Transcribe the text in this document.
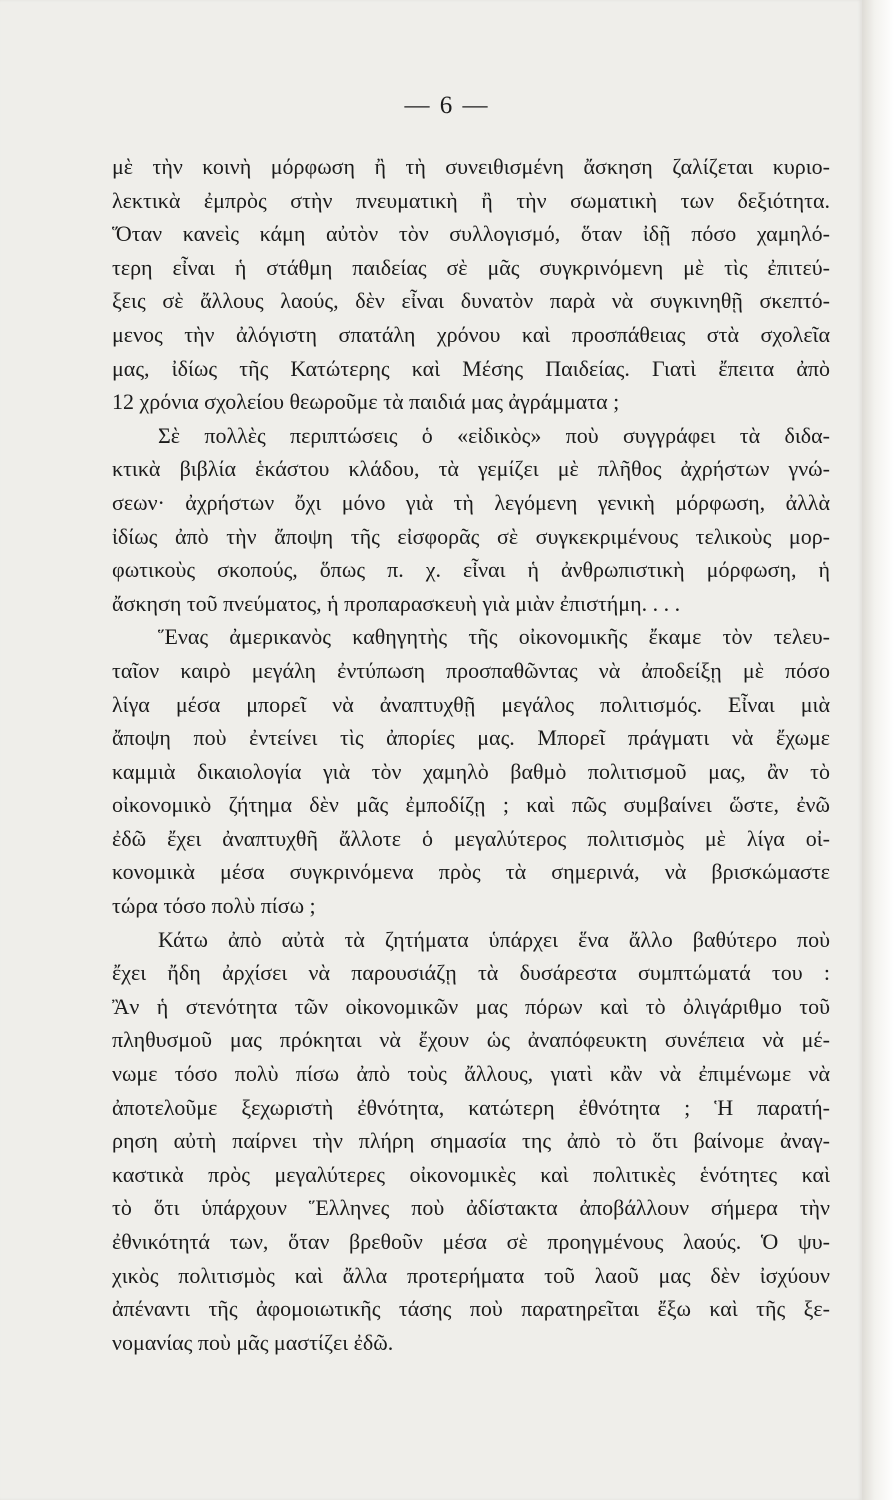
— 6 —
μὲ τὴν κοινὴ μόρφωση ἢ τὴ συνειθισμένη ἄσκηση ζαλίζεται κυριο-
λεκτικὰ ἐμπρὸς στὴν πνευματικὴ ἢ τὴν σωματικὴ των δεξιότητα.
Ὅταν κανεὶς κάμη αὐτὸν τὸν συλλογισμό, ὅταν ἰδῇ πόσο χαμηλό-
τερη εἶναι ἡ στάθμη παιδείας σὲ μᾶς συγκρινόμενη μὲ τὶς ἐπιτεύ-
ξεις σὲ ἄλλους λαούς, δὲν εἶναι δυνατὸν παρὰ νὰ συγκινηθῇ σκεπτό-
μενος τὴν ἀλόγιστη σπατάλη χρόνου καὶ προσπάθειας στὰ σχολεῖα
μας, ἰδίως τῆς Κατώτερης καὶ Μέσης Παιδείας. Γιατὶ ἔπειτα ἀπὸ
12 χρόνια σχολείου θεωροῦμε τὰ παιδιά μας ἀγράμματα ;
Σὲ πολλὲς περιπτώσεις ὁ «εἰδικὸς» ποὺ συγγράφει τὰ διδα-
κτικὰ βιβλία ἑκάστου κλάδου, τὰ γεμίζει μὲ πλῆθος ἀχρήστων γνώ-
σεων· ἀχρήστων ὄχι μόνο γιὰ τὴ λεγόμενη γενικὴ μόρφωση, ἀλλὰ
ἰδίως ἀπὸ τὴν ἄποψη τῆς εἰσφορᾶς σὲ συγκεκριμένους τελικοὺς μορ-
φωτικοὺς σκοπούς, ὅπως π. χ. εἶναι ἡ ἀνθρωπιστικὴ μόρφωση, ἡ
ἄσκηση τοῦ πνεύματος, ἡ προπαρασκευὴ γιὰ μιὰν ἐπιστήμη. . . .
Ἕνας ἀμερικανὸς καθηγητὴς τῆς οἰκονομικῆς ἔκαμε τὸν τελευ-
ταῖον καιρὸ μεγάλη ἐντύπωση προσπαθῶντας νὰ ἀποδείξῃ μὲ πόσο
λίγα μέσα μπορεῖ νὰ ἀναπτυχθῇ μεγάλος πολιτισμός. Εἶναι μιὰ
ἄποψη ποὺ ἐντείνει τὶς ἀπορίες μας. Μπορεῖ πράγματι νὰ ἔχωμε
καμμιὰ δικαιολογία γιὰ τὸν χαμηλὸ βαθμὸ πολιτισμοῦ μας, ἂν τὸ
οἰκονομικὸ ζήτημα δὲν μᾶς ἐμποδίζῃ ; καὶ πῶς συμβαίνει ὥστε, ἐνῶ
ἐδῶ ἔχει ἀναπτυχθῆ ἄλλοτε ὁ μεγαλύτερος πολιτισμὸς μὲ λίγα οἰ-
κονομικὰ μέσα συγκρινόμενα πρὸς τὰ σημερινά, νὰ βρισκώμαστε
τώρα τόσο πολὺ πίσω ;
Κάτω ἀπὸ αὐτὰ τὰ ζητήματα ὑπάρχει ἕνα ἄλλο βαθύτερο ποὺ
ἔχει ἤδη ἀρχίσει νὰ παρουσιάζῃ τὰ δυσάρεστα συμπτώματά του :
Ἂν ἡ στενότητα τῶν οἰκονομικῶν μας πόρων καὶ τὸ ὀλιγάριθμο τοῦ
πληθυσμοῦ μας πρόκηται νὰ ἔχουν ὡς ἀναπόφευκτη συνέπεια νὰ μέ-
νωμε τόσο πολὺ πίσω ἀπὸ τοὺς ἄλλους, γιατὶ κἂν νὰ ἐπιμένωμε νὰ
ἀποτελοῦμε ξεχωριστὴ ἐθνότητα, κατώτερη ἐθνότητα ; Ἡ παρατή-
ρηση αὐτὴ παίρνει τὴν πλήρη σημασία της ἀπὸ τὸ ὅτι βαίνομε ἀναγ-
καστικὰ πρὸς μεγαλύτερες οἰκονομικὲς καὶ πολιτικὲς ἑνότητες καὶ
τὸ ὅτι ὑπάρχουν Ἕλληνες ποὺ ἀδίστακτα ἀποβάλλουν σήμερα τὴν
ἐθνικότητά των, ὅταν βρεθοῦν μέσα σὲ προηγμένους λαούς. Ὁ ψυ-
χικὸς πολιτισμὸς καὶ ἄλλα προτερήματα τοῦ λαοῦ μας δὲν ἰσχύουν
ἀπέναντι τῆς ἀφομοιωτικῆς τάσης ποὺ παρατηρεῖται ἔξω καὶ τῆς ξε-
νομανίας ποὺ μᾶς μαστίζει ἐδῶ.
